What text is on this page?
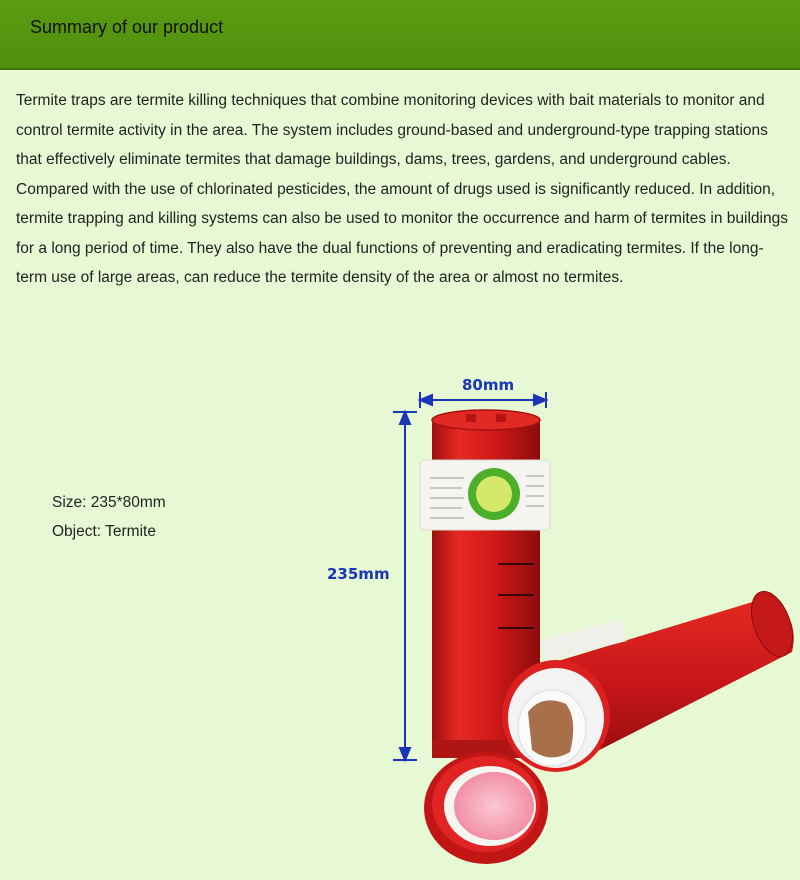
Summary of our product

Termite traps are termite killing techniques that combine monitoring devices with bait materials to monitor and control termite activity in the area. The system includes ground-based and underground-type trapping stations that effectively eliminate termites that damage buildings, dams, trees, gardens, and underground cables. Compared with the use of chlorinated pesticides, the amount of drugs used is significantly reduced. In addition, termite trapping and killing systems can also be used to monitor the occurrence and harm of termites in buildings for a long period of time. They also have the dual functions of preventing and eradicating termites. If the long-term use of large areas, can reduce the termite density of the area or almost no termites.

Size: 235*80mm
Object: Termite
80mm
235mm
